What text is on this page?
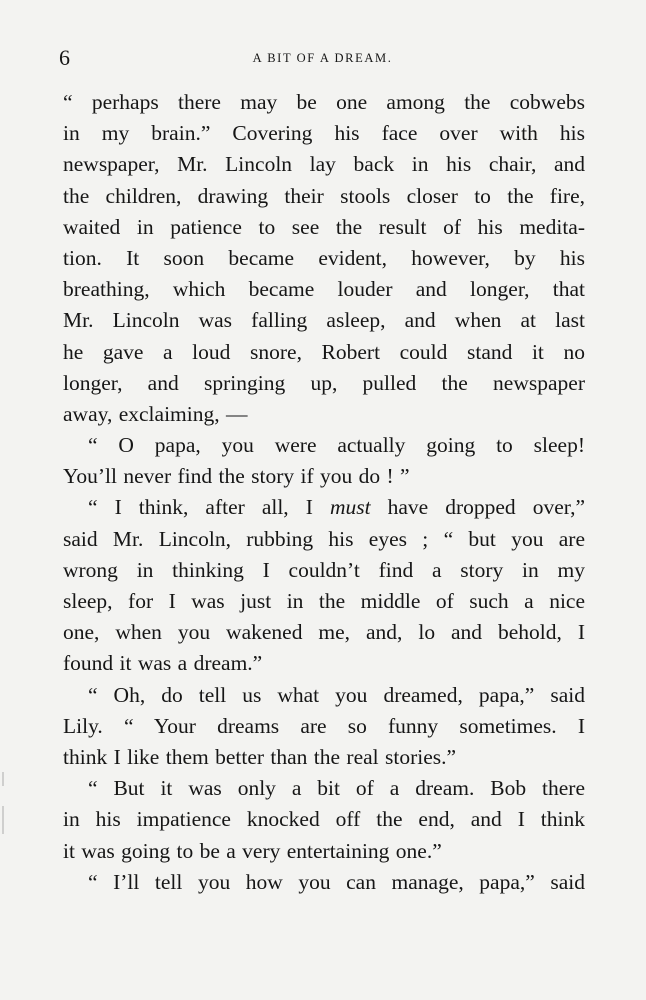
6	A BIT OF A DREAM.
“ perhaps there may be one among the cobwebs
in my brain.” Covering his face over with his
newspaper, Mr. Lincoln lay back in his chair, and
the children, drawing their stools closer to the fire,
waited in patience to see the result of his medita-
tion. It soon became evident, however, by his
breathing, which became louder and longer, that
Mr. Lincoln was falling asleep, and when at last
he gave a loud snore, Robert could stand it no
longer, and springing up, pulled the newspaper
away, exclaiming, —
“ O papa, you were actually going to sleep!
You’ll never find the story if you do ! ”
“ I think, after all, I must have dropped over,”
said Mr. Lincoln, rubbing his eyes ; “ but you are
wrong in thinking I couldn’t find a story in my
sleep, for I was just in the middle of such a nice
one, when you wakened me, and, lo and behold, I
found it was a dream.”
“ Oh, do tell us what you dreamed, papa,” said
Lily. “ Your dreams are so funny sometimes. I
think I like them better than the real stories.”
“ But it was only a bit of a dream. Bob there
in his impatience knocked off the end, and I think
it was going to be a very entertaining one.”
“ I’ll tell you how you can manage, papa,” said
